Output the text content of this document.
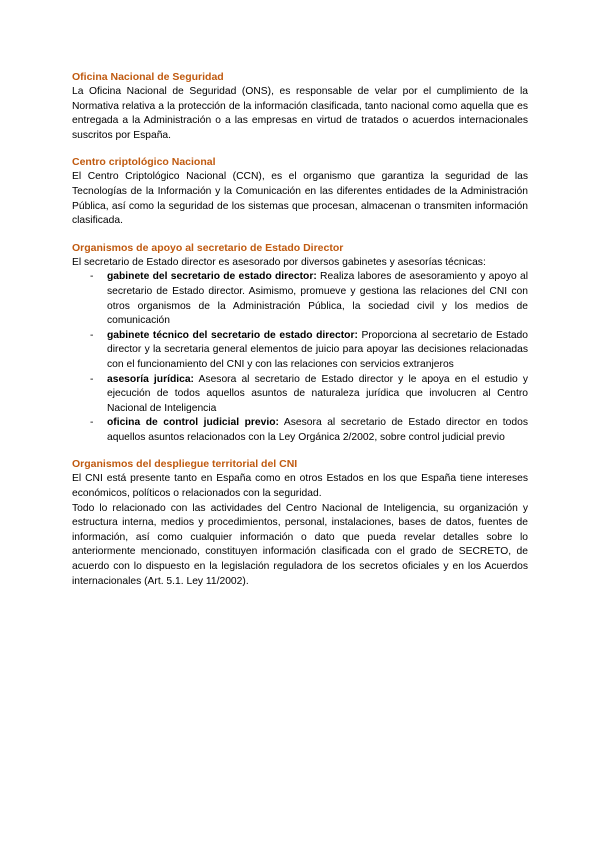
Oficina Nacional de Seguridad

La Oficina Nacional de Seguridad (ONS), es responsable de velar por el cumplimiento de la Normativa relativa a la protección de la información clasificada, tanto nacional como aquella que es entregada a la Administración o a las empresas en virtud de tratados o acuerdos internacionales suscritos por España.

Centro criptológico Nacional

El Centro Criptológico Nacional (CCN), es el organismo que garantiza la seguridad de las Tecnologías de la Información y la Comunicación en las diferentes entidades de la Administración Pública, así como la seguridad de los sistemas que procesan, almacenan o transmiten información clasificada.

Organismos de apoyo al secretario de Estado Director

El secretario de Estado director es asesorado por diversos gabinetes y asesorías técnicas:

- gabinete del secretario de estado director: Realiza labores de asesoramiento y apoyo al secretario de Estado director. Asimismo, promueve y gestiona las relaciones del CNI con otros organismos de la Administración Pública, la sociedad civil y los medios de comunicación
- gabinete técnico del secretario de estado director: Proporciona al secretario de Estado director y la secretaria general elementos de juicio para apoyar las decisiones relacionadas con el funcionamiento del CNI y con las relaciones con servicios extranjeros
- asesoría jurídica: Asesora al secretario de Estado director y le apoya en el estudio y ejecución de todos aquellos asuntos de naturaleza jurídica que involucren al Centro Nacional de Inteligencia
- oficina de control judicial previo: Asesora al secretario de Estado director en todos aquellos asuntos relacionados con la Ley Orgánica 2/2002, sobre control judicial previo
Organismos del despliegue territorial del CNI

El CNI está presente tanto en España como en otros Estados en los que España tiene intereses económicos, políticos o relacionados con la seguridad.

Todo lo relacionado con las actividades del Centro Nacional de Inteligencia, su organización y estructura interna, medios y procedimientos, personal, instalaciones, bases de datos, fuentes de información, así como cualquier información o dato que pueda revelar detalles sobre lo anteriormente mencionado, constituyen información clasificada con el grado de SECRETO, de acuerdo con lo dispuesto en la legislación reguladora de los secretos oficiales y en los Acuerdos internacionales (Art. 5.1. Ley 11/2002).
